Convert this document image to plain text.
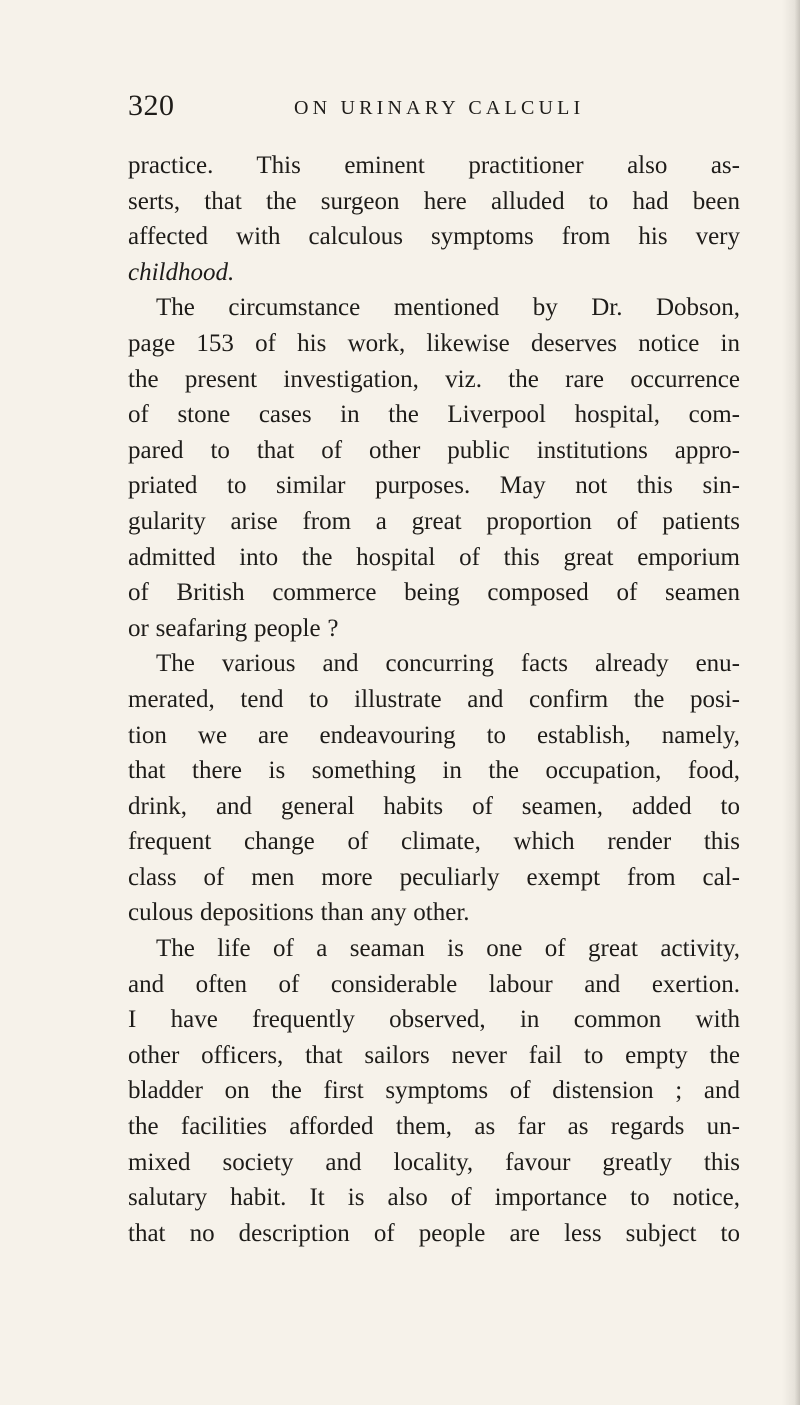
320	ON URINARY CALCULI
practice. This eminent practitioner also as-
serts, that the surgeon here alluded to had been
affected with calculous symptoms from his very
childhood.
The circumstance mentioned by Dr. Dobson,
page 153 of his work, likewise deserves notice in
the present investigation, viz. the rare occurrence
of stone cases in the Liverpool hospital, com-
pared to that of other public institutions appro-
priated to similar purposes. May not this sin-
gularity arise from a great proportion of patients
admitted into the hospital of this great emporium
of British commerce being composed of seamen
or seafaring people ?
The various and concurring facts already enu-
merated, tend to illustrate and confirm the posi-
tion we are endeavouring to establish, namely,
that there is something in the occupation, food,
drink, and general habits of seamen, added to
frequent change of climate, which render this
class of men more peculiarly exempt from cal-
culous depositions than any other.
The life of a seaman is one of great activity,
and often of considerable labour and exertion.
I have frequently observed, in common with
other officers, that sailors never fail to empty the
bladder on the first symptoms of distension ; and
the facilities afforded them, as far as regards un-
mixed society and locality, favour greatly this
salutary habit. It is also of importance to notice,
that no description of people are less subject to
